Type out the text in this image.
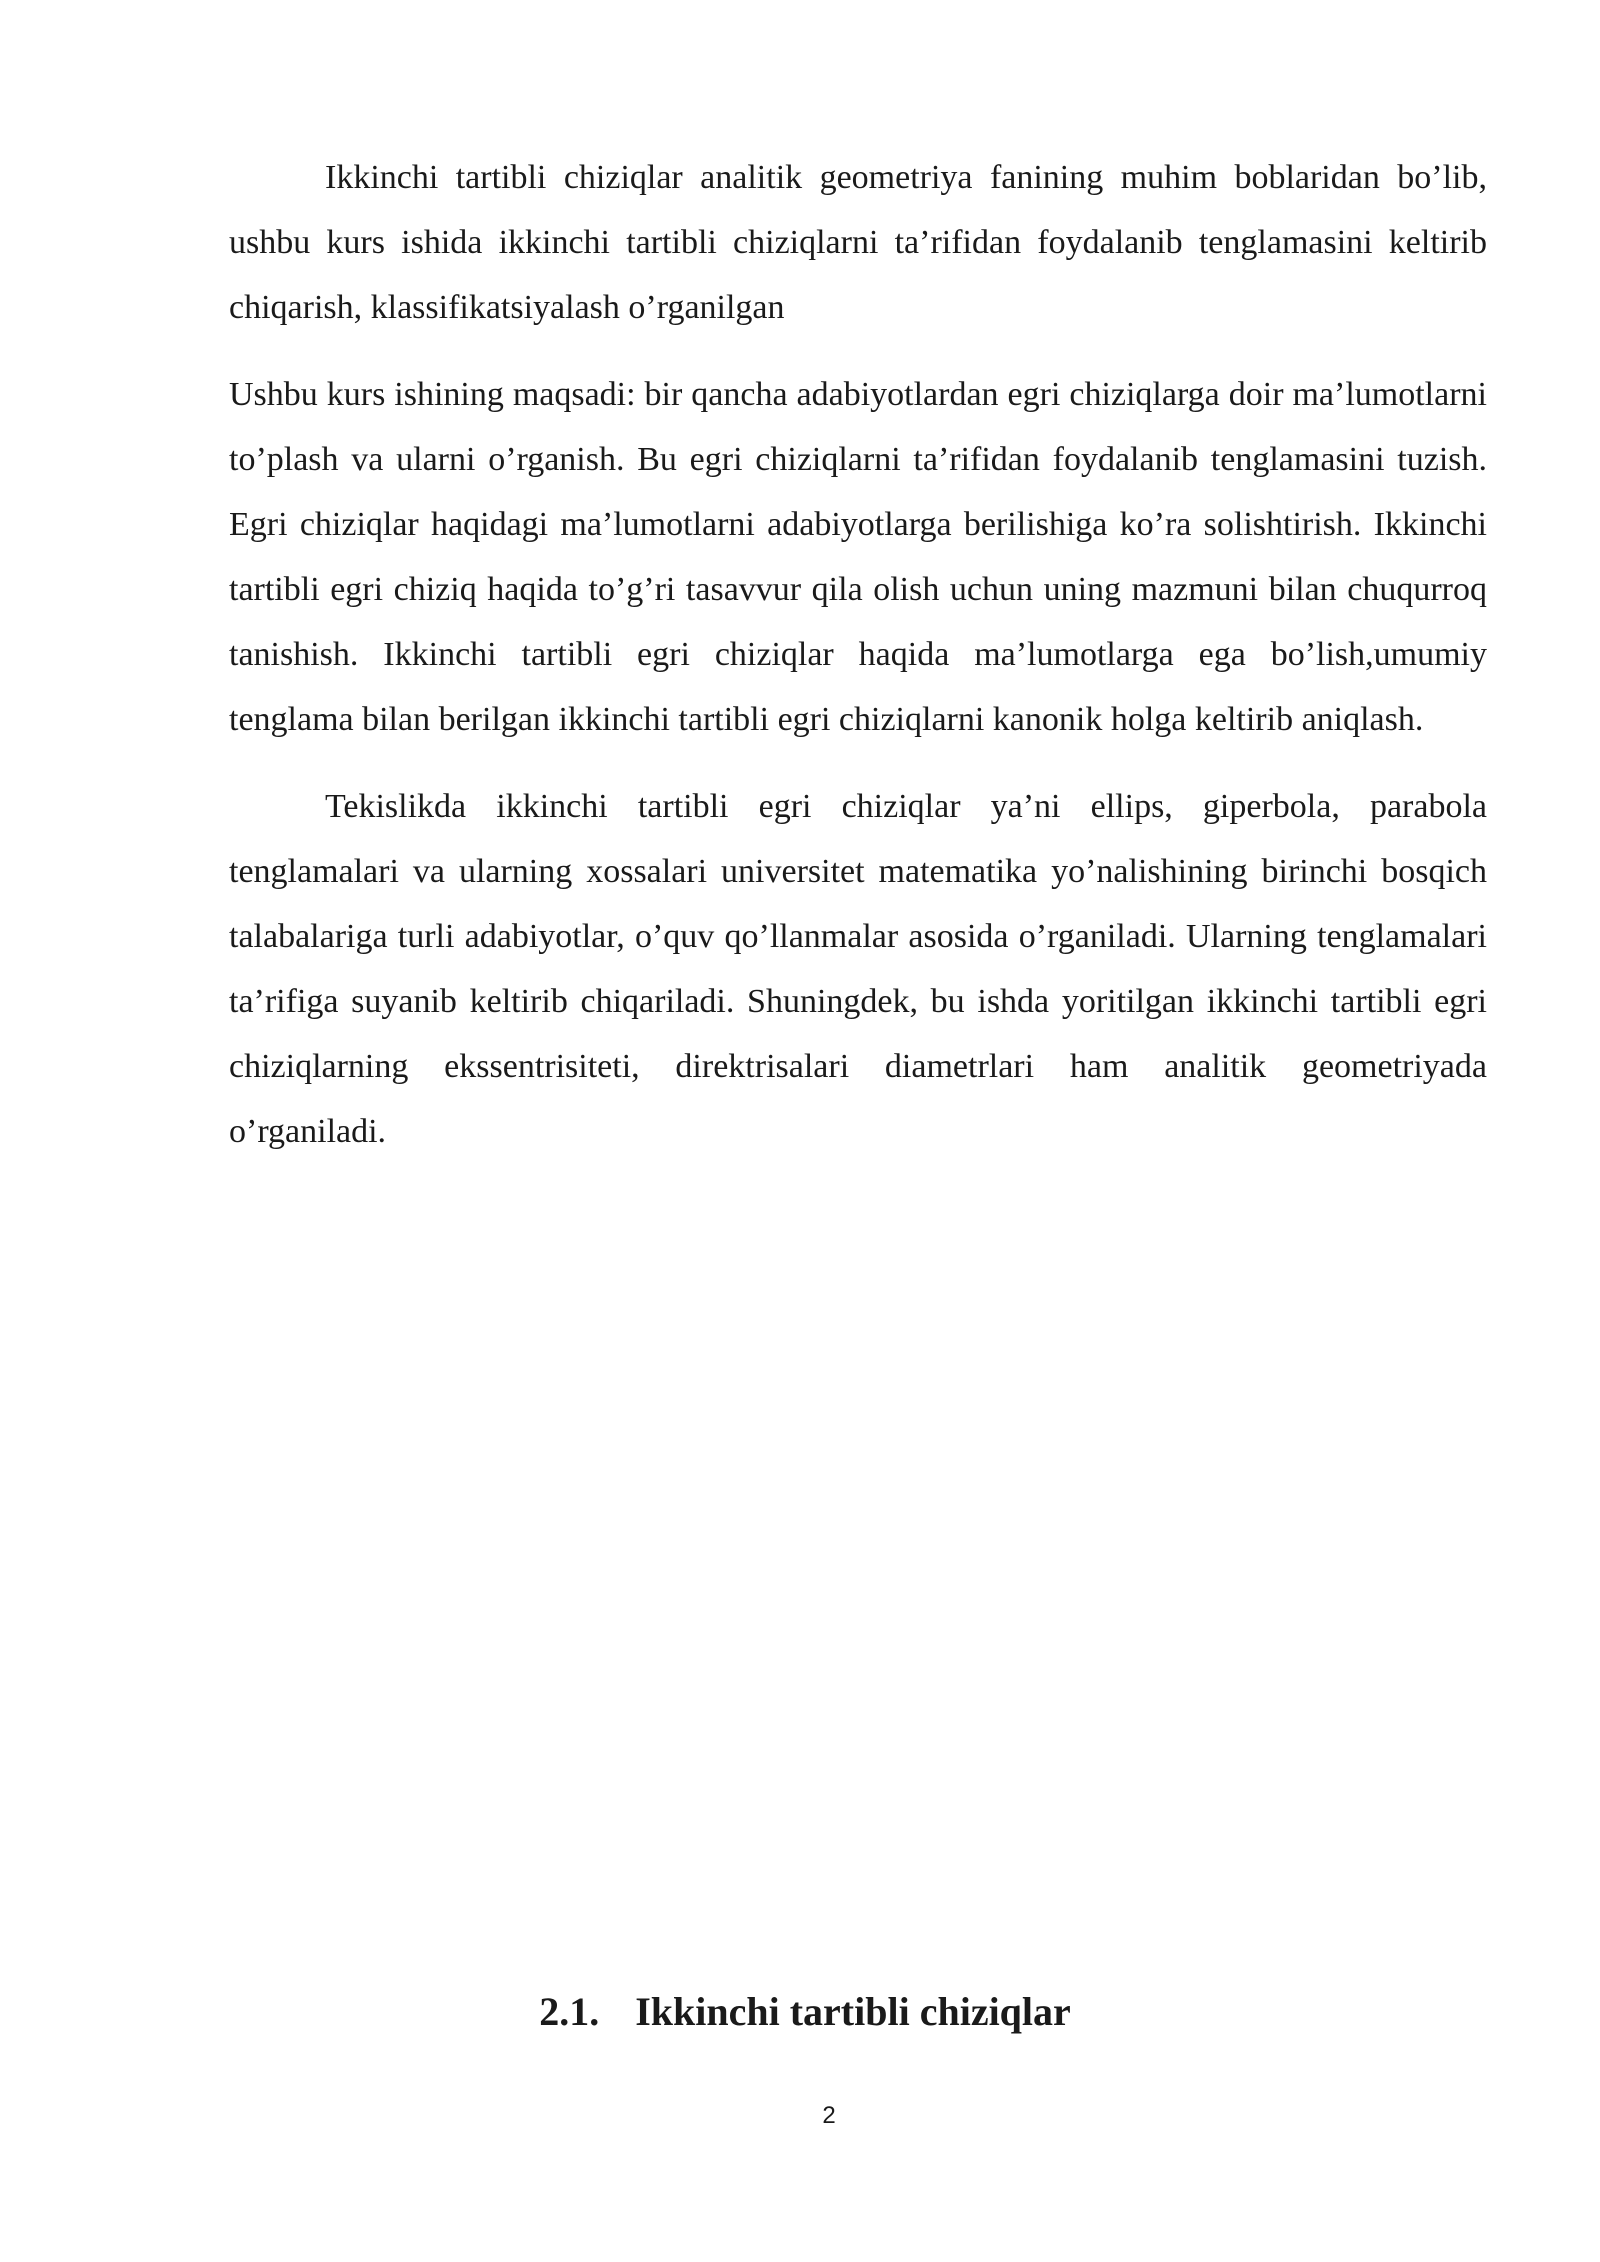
Ikkinchi tartibli chiziqlar analitik geometriya fanining muhim boblaridan bo’lib, ushbu kurs ishida ikkinchi tartibli chiziqlarni ta’rifidan foydalanib tenglamasini keltirib chiqarish, klassifikatsiyalash o’rganilgan

Ushbu kurs ishining maqsadi: bir qancha adabiyotlardan egri chiziqlarga doir ma’lumotlarni to’plash va ularni o’rganish. Bu egri chiziqlarni ta’rifidan foydalanib tenglamasini tuzish. Egri chiziqlar haqidagi ma’lumotlarni adabiyotlarga berilishiga ko’ra solishtirish. Ikkinchi tartibli egri chiziq haqida to’g’ri tasavvur qila olish uchun uning mazmuni bilan chuqurroq tanishish. Ikkinchi tartibli egri chiziqlar haqida ma’lumotlarga ega bo’lish,umumiy tenglama bilan berilgan ikkinchi tartibli egri chiziqlarni kanonik holga keltirib aniqlash.

Tekislikda ikkinchi tartibli egri chiziqlar ya’ni ellips, giperbola, parabola tenglamalari va ularning xossalari universitet matematika yo’nalishining birinchi bosqich talabalariga turli adabiyotlar, o’quv qo’llanmalar asosida o’rganiladi. Ularning tenglamalari ta’rifiga suyanib keltirib chiqariladi. Shuningdek, bu ishda yoritilgan ikkinchi tartibli egri chiziqlarning ekssentrisiteti, direktrisalari diametrlari ham analitik geometriyada o’rganiladi.

2.1. Ikkinchi tartibli chiziqlar
2
